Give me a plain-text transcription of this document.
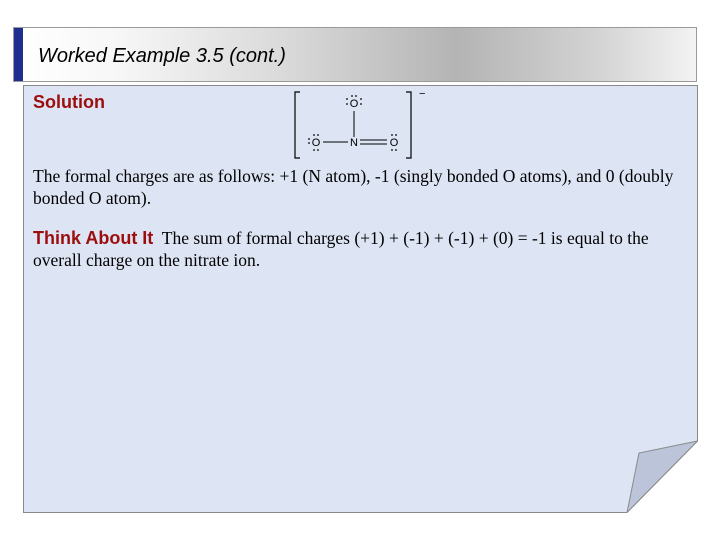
Worked Example 3.5 (cont.)
Solution	−
O
N
O	O
The formal charges are as follows: +1 (N atom), -1 (singly bonded O atoms), and 0 (doubly bonded O atom).
Think About It The sum of formal charges (+1) + (-1) + (-1) + (0) = -1 is equal to the overall charge on the nitrate ion.
